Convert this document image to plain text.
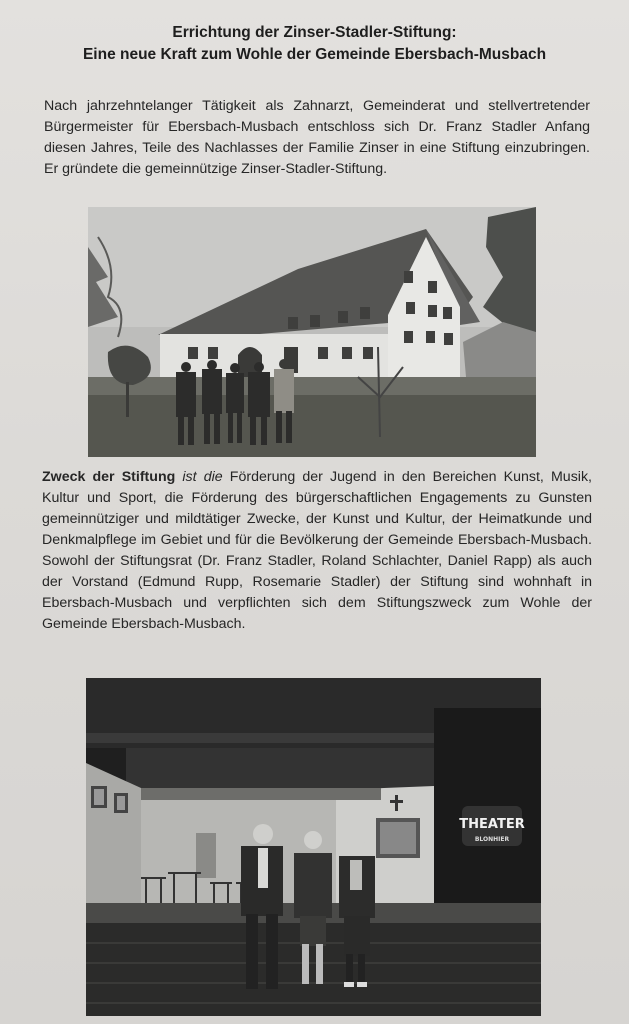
Errichtung der Zinser-Stadler-Stiftung:
Eine neue Kraft zum Wohle der Gemeinde Ebersbach-Musbach

Nach jahrzehntelanger Tätigkeit als Zahnarzt, Gemeinderat und stellvertretender Bürgermeister für Ebersbach-Musbach entschloss sich Dr. Franz Stadler Anfang diesen Jahres, Teile des Nachlasses der Familie Zinser in eine Stiftung einzubringen. Er gründete die gemeinnützige Zinser-Stadler-Stiftung.

Zweck der Stiftung ist die Förderung der Jugend in den Bereichen Kunst, Musik, Kultur und Sport, die Förderung des bürgerschaftlichen Engagements zu Gunsten gemeinnütziger und mildtätiger Zwecke, der Kunst und Kultur, der Heimatkunde und Denkmalpflege im Gebiet und für die Bevölkerung der Gemeinde Ebersbach-Musbach. Sowohl der Stiftungsrat (Dr. Franz Stadler, Roland Schlachter, Daniel Rapp) als auch der Vorstand (Edmund Rupp, Rosemarie Stadler) der Stiftung sind wohnhaft in Ebersbach-Musbach und verpflichten sich dem Stiftungszweck zum Wohle der Gemeinde Ebersbach-Musbach.

THEATER
BLONHIER
